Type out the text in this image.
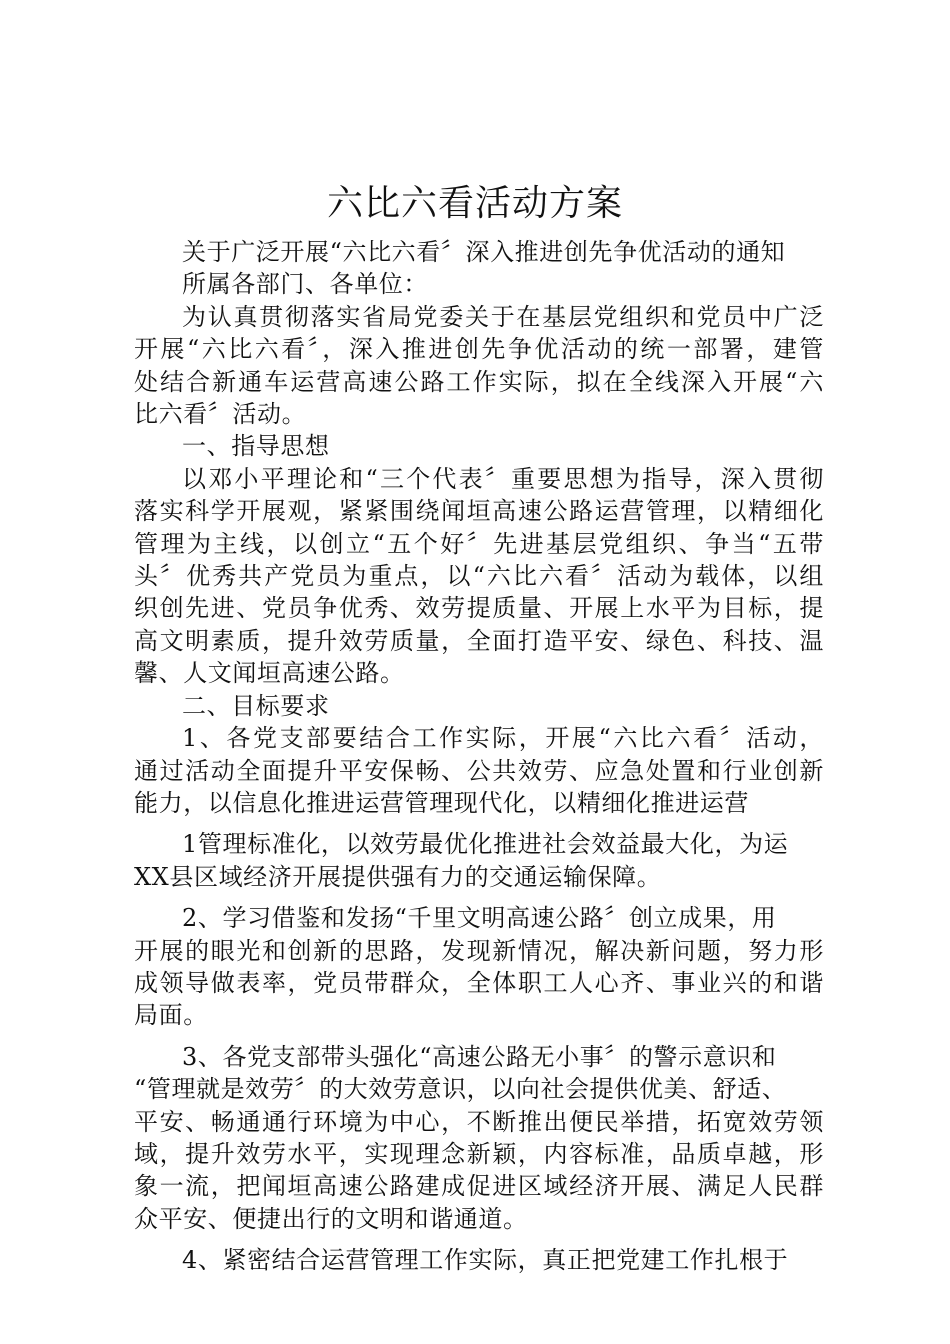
六比六看活动方案
关于广泛开展“六比六看〞深入推进创先争优活动的通知
所属各部门、各单位：
为认真贯彻落实省局党委关于在基层党组织和党员中广泛
开展“六比六看〞，深入推进创先争优活动的统一部署，建管
处结合新通车运营高速公路工作实际，拟在全线深入开展“六
比六看〞活动。
一、指导思想
以邓小平理论和“三个代表〞重要思想为指导，深入贯彻
落实科学开展观，紧紧围绕闻垣高速公路运营管理，以精细化
管理为主线，以创立“五个好〞先进基层党组织、争当“五带
头〞优秀共产党员为重点，以“六比六看〞活动为载体，以组
织创先进、党员争优秀、效劳提质量、开展上水平为目标，提
高文明素质，提升效劳质量，全面打造平安、绿色、科技、温
馨、人文闻垣高速公路。
二、目标要求
1、各党支部要结合工作实际，开展“六比六看〞活动，
通过活动全面提升平安保畅、公共效劳、应急处置和行业创新
能力，以信息化推进运营管理现代化，以精细化推进运营
1管理标准化，以效劳最优化推进社会效益最大化，为运
XX县区域经济开展提供强有力的交通运输保障。
2、学习借鉴和发扬“千里文明高速公路〞创立成果，用
开展的眼光和创新的思路，发现新情况，解决新问题，努力形
成领导做表率，党员带群众，全体职工人心齐、事业兴的和谐
局面。
3、各党支部带头强化“高速公路无小事〞的警示意识和
“管理就是效劳〞的大效劳意识，以向社会提供优美、舒适、
平安、畅通通行环境为中心，不断推出便民举措，拓宽效劳领
域，提升效劳水平，实现理念新颖，内容标准，品质卓越，形
象一流，把闻垣高速公路建成促进区域经济开展、满足人民群
众平安、便捷出行的文明和谐通道。
4、紧密结合运营管理工作实际，真正把党建工作扎根于
